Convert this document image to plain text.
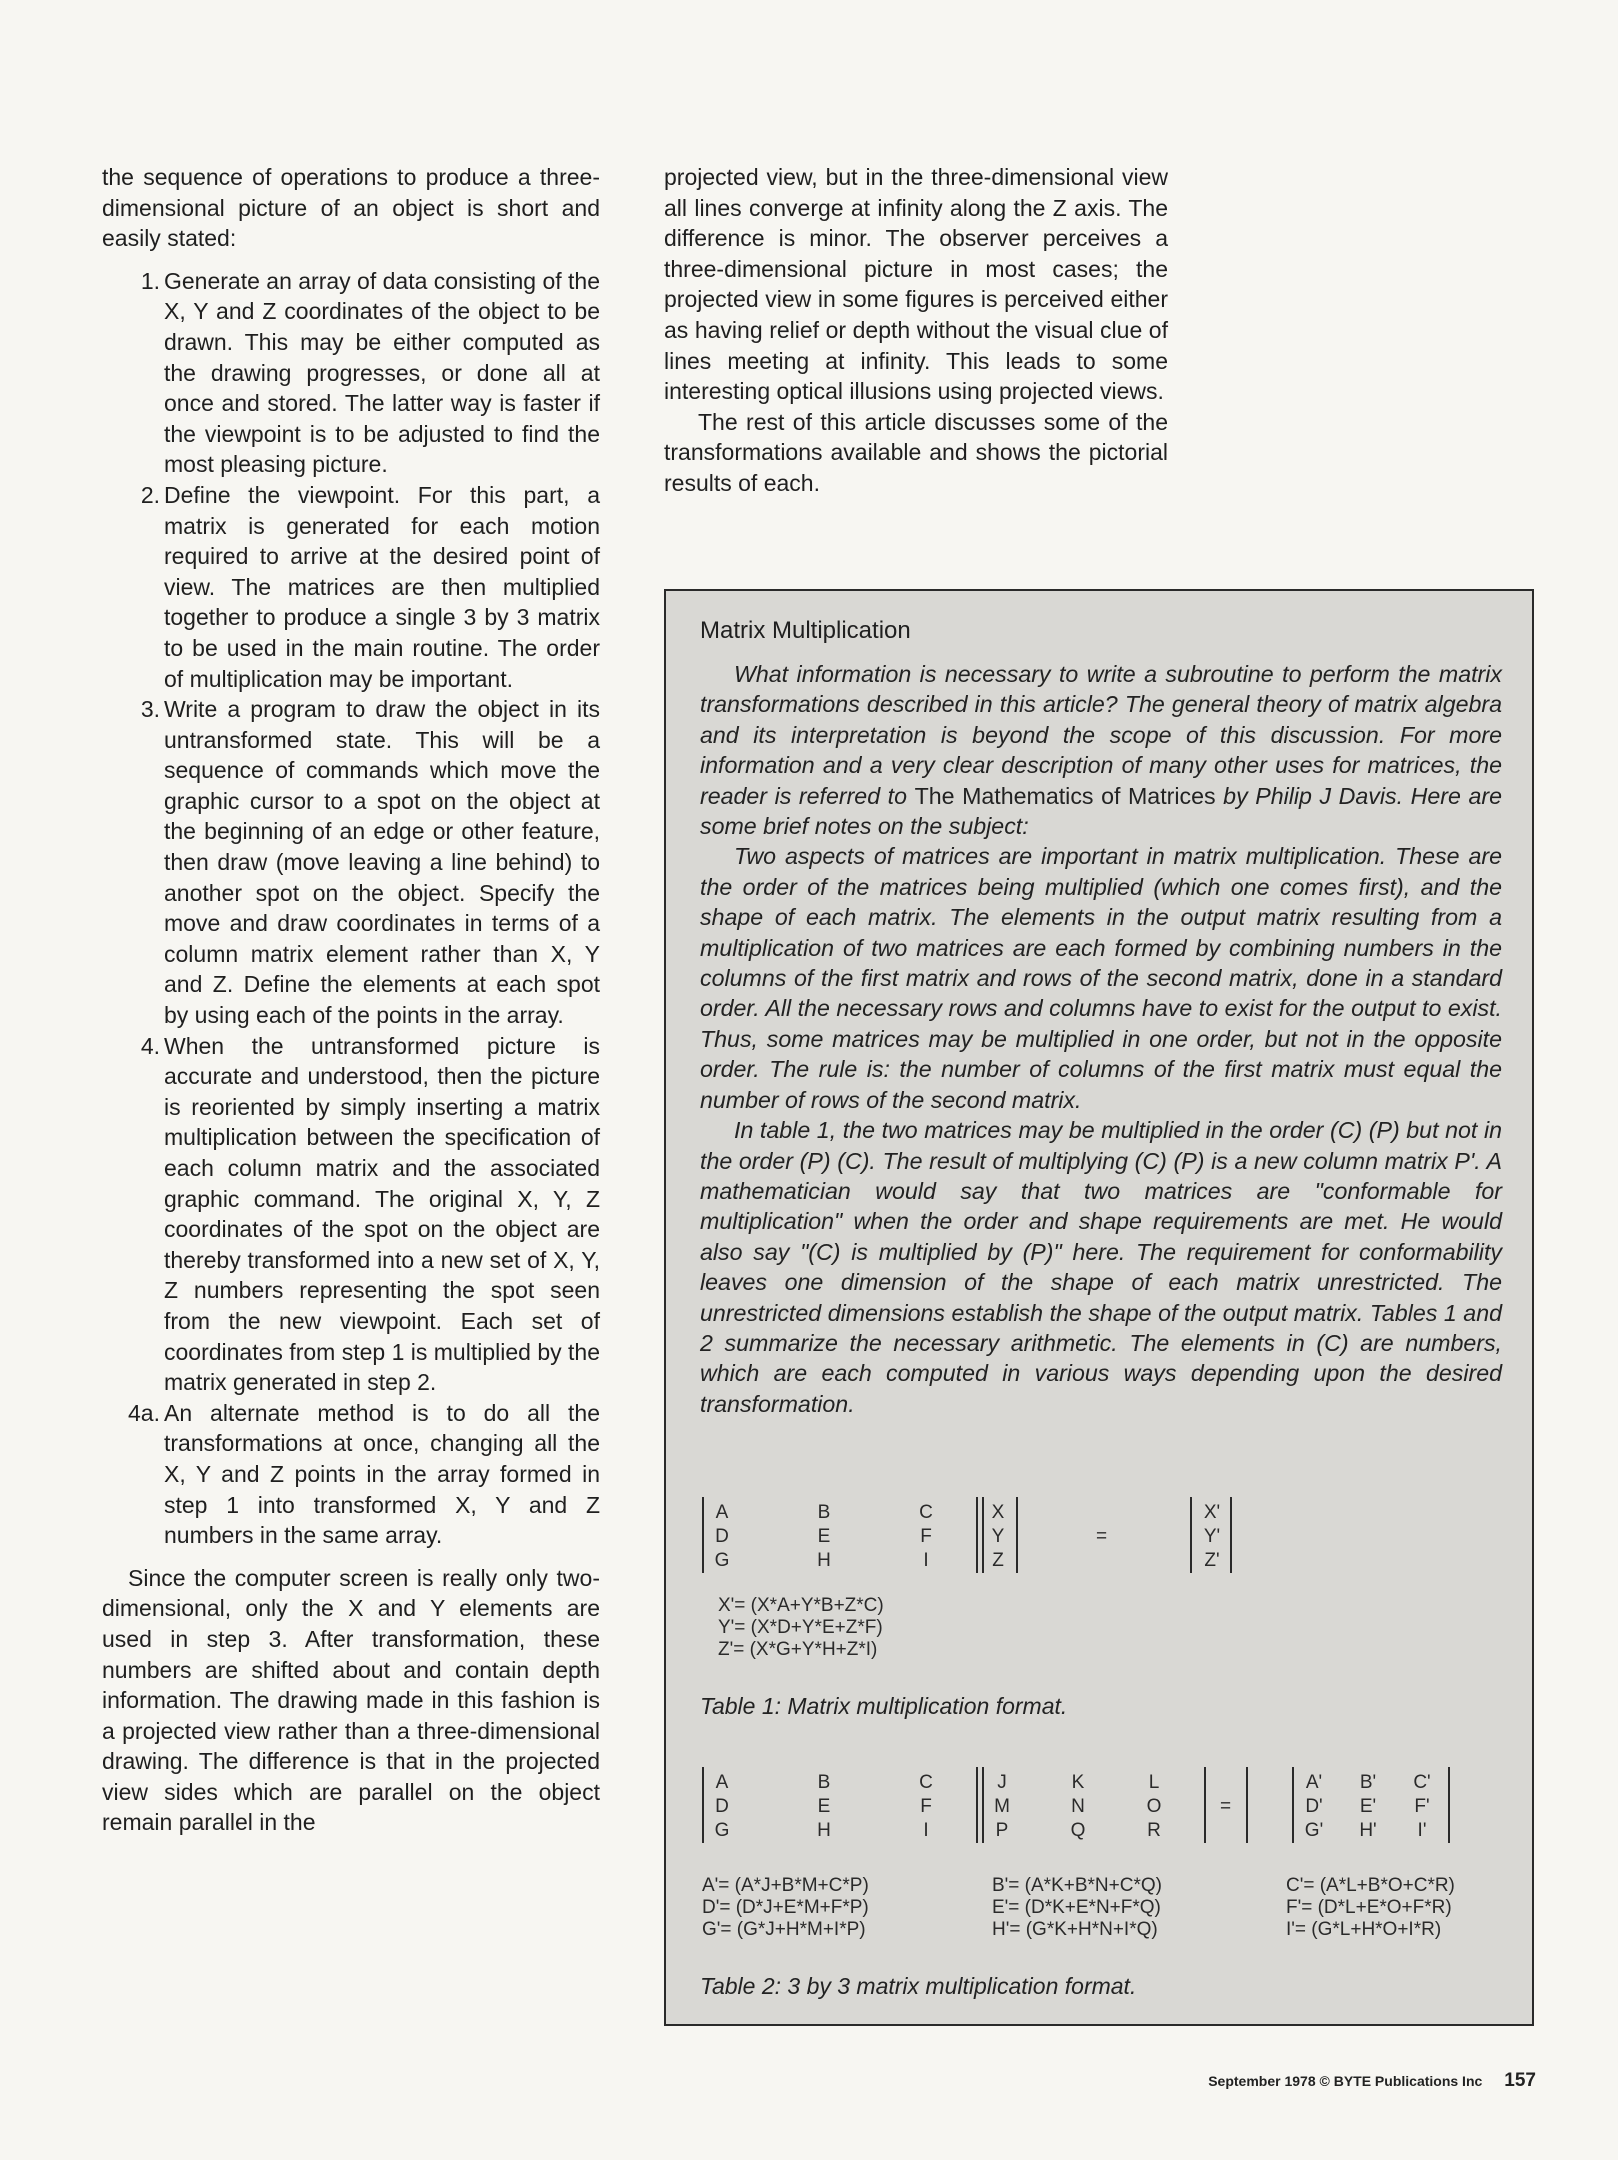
the sequence of operations to produce a three-dimensional picture of an object is short and easily stated:

1. Generate an array of data consisting of the X, Y and Z coordinates of the object to be drawn. This may be either computed as the drawing progresses, or done all at once and stored. The latter way is faster if the viewpoint is to be adjusted to find the most pleasing picture.
2. Define the viewpoint. For this part, a matrix is generated for each motion required to arrive at the desired point of view. The matrices are then multiplied together to produce a single 3 by 3 matrix to be used in the main routine. The order of multiplication may be important.
3. Write a program to draw the object in its untransformed state. This will be a sequence of commands which move the graphic cursor to a spot on the object at the beginning of an edge or other feature, then draw (move leaving a line behind) to another spot on the object. Specify the move and draw coordinates in terms of a column matrix element rather than X, Y and Z. Define the elements at each spot by using each of the points in the array.
4. When the untransformed picture is accurate and understood, then the picture is reoriented by simply inserting a matrix multiplication between the specification of each column matrix and the associated graphic command. The original X, Y, Z coordinates of the spot on the object are thereby transformed into a new set of X, Y, Z numbers representing the spot seen from the new viewpoint. Each set of coordinates from step 1 is multiplied by the matrix generated in step 2.
4a. An alternate method is to do all the transformations at once, changing all the X, Y and Z points in the array formed in step 1 into transformed X, Y and Z numbers in the same array.

Since the computer screen is really only two-dimensional, only the X and Y elements are used in step 3. After transformation, these numbers are shifted about and contain depth information. The drawing made in this fashion is a projected view rather than a three-dimensional drawing. The difference is that in the projected view sides which are parallel on the object remain parallel in the

projected view, but in the three-dimensional view all lines converge at infinity along the Z axis. The difference is minor. The observer perceives a three-dimensional picture in most cases; the projected view in some figures is perceived either as having relief or depth without the visual clue of lines meeting at infinity. This leads to some interesting optical illusions using projected views.

The rest of this article discusses some of the transformations available and shows the pictorial results of each.

Matrix Multiplication

What information is necessary to write a subroutine to perform the matrix transformations described in this article? The general theory of matrix algebra and its interpretation is beyond the scope of this discussion. For more information and a very clear description of many other uses for matrices, the reader is referred to The Mathematics of Matrices by Philip J Davis. Here are some brief notes on the subject:

Two aspects of matrices are important in matrix multiplication. These are the order of the matrices being multiplied (which one comes first), and the shape of each matrix. The elements in the output matrix resulting from a multiplication of two matrices are each formed by combining numbers in the columns of the first matrix and rows of the second matrix, done in a standard order. All the necessary rows and columns have to exist for the output to exist. Thus, some matrices may be multiplied in one order, but not in the opposite order. The rule is: the number of columns of the first matrix must equal the number of rows of the second matrix.

In table 1, the two matrices may be multiplied in the order (C) (P) but not in the order (P) (C). The result of multiplying (C) (P) is a new column matrix P'. A mathematician would say that two matrices are "conformable for multiplication" when the order and shape requirements are met. He would also say "(C) is multiplied by (P)" here. The requirement for conformability leaves one dimension of the shape of each matrix unrestricted. The unrestricted dimensions establish the shape of the output matrix. Tables 1 and 2 summarize the necessary arithmetic. The elements in (C) are numbers, which are each computed in various ways depending upon the desired transformation.

A	B	C
D	E	F
G	H	I
X
Y
Z
=
X'
Y'
Z'
X'= (X*A+Y*B+Z*C)
Y'= (X*D+Y*E+Z*F)
Z'= (X*G+Y*H+Z*I)
Table 1: Matrix multiplication format.
A	B	C
D	E	F
G	H	I
J	K	L
M	N	O
P	Q	R
=
A'	B'	C'
D'	E'	F'
G'	H'	I'
A'= (A*J+B*M+C*P)
D'= (D*J+E*M+F*P)
G'= (G*J+H*M+I*P)
B'= (A*K+B*N+C*Q)
E'= (D*K+E*N+F*Q)
H'= (G*K+H*N+I*Q)
C'= (A*L+B*O+C*R)
F'= (D*L+E*O+F*R)
I'= (G*L+H*O+I*R)
Table 2: 3 by 3 matrix multiplication format.
September 1978 © BYTE Publications Inc 157
